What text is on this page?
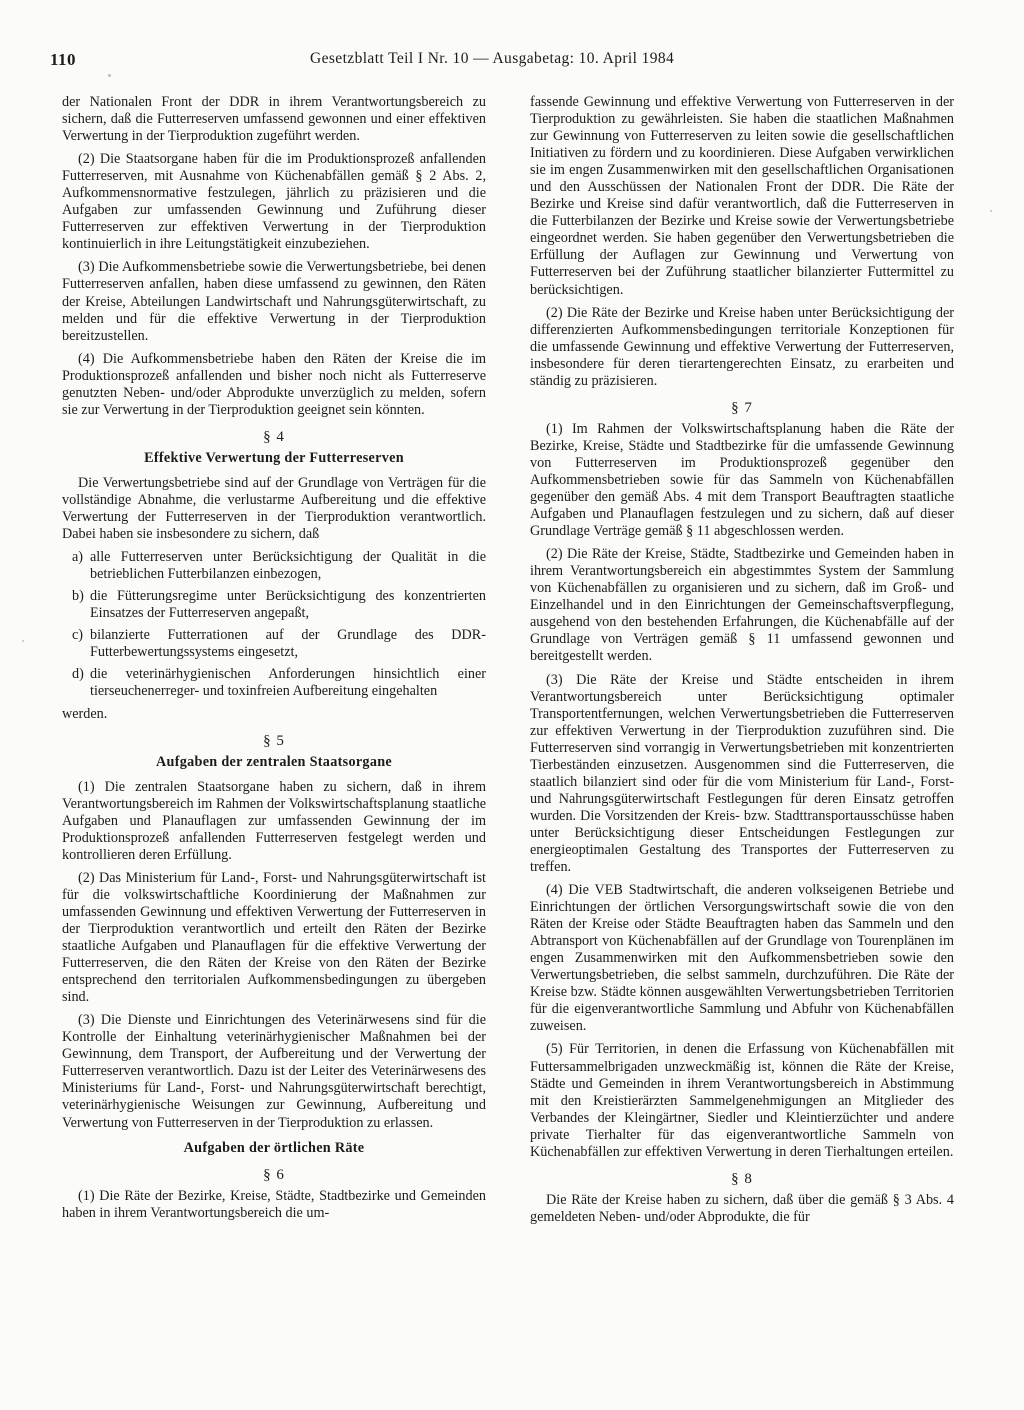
110	Gesetzblatt Teil I Nr. 10 — Ausgabetag: 10. April 1984

der Nationalen Front der DDR in ihrem Verantwortungsbereich zu sichern, daß die Futterreserven umfassend gewonnen und einer effektiven Verwertung in der Tierproduktion zugeführt werden.

(2) Die Staatsorgane haben für die im Produktionsprozeß anfallenden Futterreserven, mit Ausnahme von Küchenabfällen gemäß § 2 Abs. 2, Aufkommensnormative festzulegen, jährlich zu präzisieren und die Aufgaben zur umfassenden Gewinnung und Zuführung dieser Futterreserven zur effektiven Verwertung in der Tierproduktion kontinuierlich in ihre Leitungstätigkeit einzubeziehen.

(3) Die Aufkommensbetriebe sowie die Verwertungsbetriebe, bei denen Futterreserven anfallen, haben diese umfassend zu gewinnen, den Räten der Kreise, Abteilungen Landwirtschaft und Nahrungsgüterwirtschaft, zu melden und für die effektive Verwertung in der Tierproduktion bereitzustellen.

(4) Die Aufkommensbetriebe haben den Räten der Kreise die im Produktionsprozeß anfallenden und bisher noch nicht als Futterreserve genutzten Neben- und/oder Abprodukte unverzüglich zu melden, sofern sie zur Verwertung in der Tierproduktion geeignet sein könnten.

§ 4
Effektive Verwertung der Futterreserven

Die Verwertungsbetriebe sind auf der Grundlage von Verträgen für die vollständige Abnahme, die verlustarme Aufbereitung und die effektive Verwertung der Futterreserven in der Tierproduktion verantwortlich. Dabei haben sie insbesondere zu sichern, daß

a) alle Futterreserven unter Berücksichtigung der Qualität in die betrieblichen Futterbilanzen einbezogen,
b) die Fütterungsregime unter Berücksichtigung des konzentrierten Einsatzes der Futterreserven angepaßt,
c) bilanzierte Futterrationen auf der Grundlage des DDR-Futterbewertungssystems eingesetzt,
d) die veterinärhygienischen Anforderungen hinsichtlich einer tierseuchenerreger- und toxinfreien Aufbereitung eingehalten

werden.

§ 5
Aufgaben der zentralen Staatsorgane

(1) Die zentralen Staatsorgane haben zu sichern, daß in ihrem Verantwortungsbereich im Rahmen der Volkswirtschaftsplanung staatliche Aufgaben und Planauflagen zur umfassenden Gewinnung der im Produktionsprozeß anfallenden Futterreserven festgelegt werden und kontrollieren deren Erfüllung.

(2) Das Ministerium für Land-, Forst- und Nahrungsgüterwirtschaft ist für die volkswirtschaftliche Koordinierung der Maßnahmen zur umfassenden Gewinnung und effektiven Verwertung der Futterreserven in der Tierproduktion verantwortlich und erteilt den Räten der Bezirke staatliche Aufgaben und Planauflagen für die effektive Verwertung der Futterreserven, die den Räten der Kreise von den Räten der Bezirke entsprechend den territorialen Aufkommensbedingungen zu übergeben sind.

(3) Die Dienste und Einrichtungen des Veterinärwesens sind für die Kontrolle der Einhaltung veterinärhygienischer Maßnahmen bei der Gewinnung, dem Transport, der Aufbereitung und der Verwertung der Futterreserven verantwortlich. Dazu ist der Leiter des Veterinärwesens des Ministeriums für Land-, Forst- und Nahrungsgüterwirtschaft berechtigt, veterinärhygienische Weisungen zur Gewinnung, Aufbereitung und Verwertung von Futterreserven in der Tierproduktion zu erlassen.

Aufgaben der örtlichen Räte
§ 6

(1) Die Räte der Bezirke, Kreise, Städte, Stadtbezirke und Gemeinden haben in ihrem Verantwortungsbereich die um-

fassende Gewinnung und effektive Verwertung von Futterreserven in der Tierproduktion zu gewährleisten. Sie haben die staatlichen Maßnahmen zur Gewinnung von Futterreserven zu leiten sowie die gesellschaftlichen Initiativen zu fördern und zu koordinieren. Diese Aufgaben verwirklichen sie im engen Zusammenwirken mit den gesellschaftlichen Organisationen und den Ausschüssen der Nationalen Front der DDR. Die Räte der Bezirke und Kreise sind dafür verantwortlich, daß die Futterreserven in die Futterbilanzen der Bezirke und Kreise sowie der Verwertungsbetriebe eingeordnet werden. Sie haben gegenüber den Verwertungsbetrieben die Erfüllung der Auflagen zur Gewinnung und Verwertung von Futterreserven bei der Zuführung staatlicher bilanzierter Futtermittel zu berücksichtigen.

(2) Die Räte der Bezirke und Kreise haben unter Berücksichtigung der differenzierten Aufkommensbedingungen territoriale Konzeptionen für die umfassende Gewinnung und effektive Verwertung der Futterreserven, insbesondere für deren tierartengerechten Einsatz, zu erarbeiten und ständig zu präzisieren.

§ 7

(1) Im Rahmen der Volkswirtschaftsplanung haben die Räte der Bezirke, Kreise, Städte und Stadtbezirke für die umfassende Gewinnung von Futterreserven im Produktionsprozeß gegenüber den Aufkommensbetrieben sowie für das Sammeln von Küchenabfällen gegenüber den gemäß Abs. 4 mit dem Transport Beauftragten staatliche Aufgaben und Planauflagen festzulegen und zu sichern, daß auf dieser Grundlage Verträge gemäß § 11 abgeschlossen werden.

(2) Die Räte der Kreise, Städte, Stadtbezirke und Gemeinden haben in ihrem Verantwortungsbereich ein abgestimmtes System der Sammlung von Küchenabfällen zu organisieren und zu sichern, daß im Groß- und Einzelhandel und in den Einrichtungen der Gemeinschaftsverpflegung, ausgehend von den bestehenden Erfahrungen, die Küchenabfälle auf der Grundlage von Verträgen gemäß § 11 umfassend gewonnen und bereitgestellt werden.

(3) Die Räte der Kreise und Städte entscheiden in ihrem Verantwortungsbereich unter Berücksichtigung optimaler Transportentfernungen, welchen Verwertungsbetrieben die Futterreserven zur effektiven Verwertung in der Tierproduktion zuzuführen sind. Die Futterreserven sind vorrangig in Verwertungsbetrieben mit konzentrierten Tierbeständen einzusetzen. Ausgenommen sind die Futterreserven, die staatlich bilanziert sind oder für die vom Ministerium für Land-, Forst- und Nahrungsgüterwirtschaft Festlegungen für deren Einsatz getroffen wurden. Die Vorsitzenden der Kreis- bzw. Stadttransportausschüsse haben unter Berücksichtigung dieser Entscheidungen Festlegungen zur energieoptimalen Gestaltung des Transportes der Futterreserven zu treffen.

(4) Die VEB Stadtwirtschaft, die anderen volkseigenen Betriebe und Einrichtungen der örtlichen Versorgungswirtschaft sowie die von den Räten der Kreise oder Städte Beauftragten haben das Sammeln und den Abtransport von Küchenabfällen auf der Grundlage von Tourenplänen im engen Zusammenwirken mit den Aufkommensbetrieben sowie den Verwertungsbetrieben, die selbst sammeln, durchzuführen. Die Räte der Kreise bzw. Städte können ausgewählten Verwertungsbetrieben Territorien für die eigenverantwortliche Sammlung und Abfuhr von Küchenabfällen zuweisen.

(5) Für Territorien, in denen die Erfassung von Küchenabfällen mit Futtersammelbrigaden unzweckmäßig ist, können die Räte der Kreise, Städte und Gemeinden in ihrem Verantwortungsbereich in Abstimmung mit den Kreistierärzten Sammelgenehmigungen an Mitglieder des Verbandes der Kleingärtner, Siedler und Kleintierzüchter und andere private Tierhalter für das eigenverantwortliche Sammeln von Küchenabfällen zur effektiven Verwertung in deren Tierhaltungen erteilen.

§ 8

Die Räte der Kreise haben zu sichern, daß über die gemäß § 3 Abs. 4 gemeldeten Neben- und/oder Abprodukte, die für
